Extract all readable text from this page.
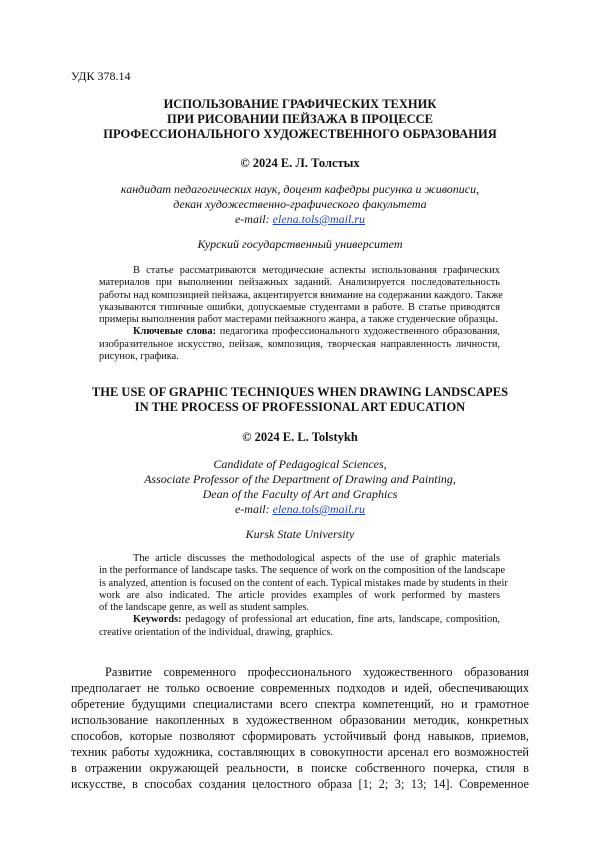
УДК 378.14
ИСПОЛЬЗОВАНИЕ ГРАФИЧЕСКИХ ТЕХНИК
ПРИ РИСОВАНИИ ПЕЙЗАЖА В ПРОЦЕССЕ
ПРОФЕССИОНАЛЬНОГО ХУДОЖЕСТВЕННОГО ОБРАЗОВАНИЯ
© 2024 Е. Л. Толстых
кандидат педагогических наук, доцент кафедры рисунка и живописи,
декан художественно-графического факультета
e-mail: elena.tols@mail.ru
Курский государственный университет
В статье рассматриваются методические аспекты использования графических
материалов при выполнении пейзажных заданий. Анализируется последовательность
работы над композицией пейзажа, акцентируется внимание на содержании каждого. Также
указываются типичные ошибки, допускаемые студентами в работе. В статье приводятся
примеры выполнения работ мастерами пейзажного жанра, а также студенческие образцы.
Ключевые слова: педагогика профессионального художественного образования,
изобразительное искусство, пейзаж, композиция, творческая направленность личности,
рисунок, графика.
THE USE OF GRAPHIC TECHNIQUES WHEN DRAWING LANDSCAPES
IN THE PROCESS OF PROFESSIONAL ART EDUCATION
© 2024 E. L. Tolstykh
Candidate of Pedagogical Sciences,
Associate Professor of the Department of Drawing and Painting,
Dean of the Faculty of Art and Graphics
e-mail: elena.tols@mail.ru
Kursk State University
The article discusses the methodological aspects of the use of graphic materials
in the performance of landscape tasks. The sequence of work on the composition of the landscape
is analyzed, attention is focused on the content of each. Typical mistakes made by students in their
work are also indicated. The article provides examples of work performed by masters
of the landscape genre, as well as student samples.
Keywords: pedagogy of professional art education, fine arts, landscape, composition,
creative orientation of the individual, drawing, graphics.
Развитие современного профессионального художественного образования
предполагает не только освоение современных подходов и идей, обеспечивающих
обретение будущими специалистами всего спектра компетенций, но и грамотное
использование накопленных в художественном образовании методик, конкретных
способов, которые позволяют сформировать устойчивый фонд навыков, приемов,
техник работы художника, составляющих в совокупности арсенал его возможностей
в отражении окружающей реальности, в поиске собственного почерка, стиля в
искусстве, в способах создания целостного образа [1; 2; 3; 13; 14]. Современное
